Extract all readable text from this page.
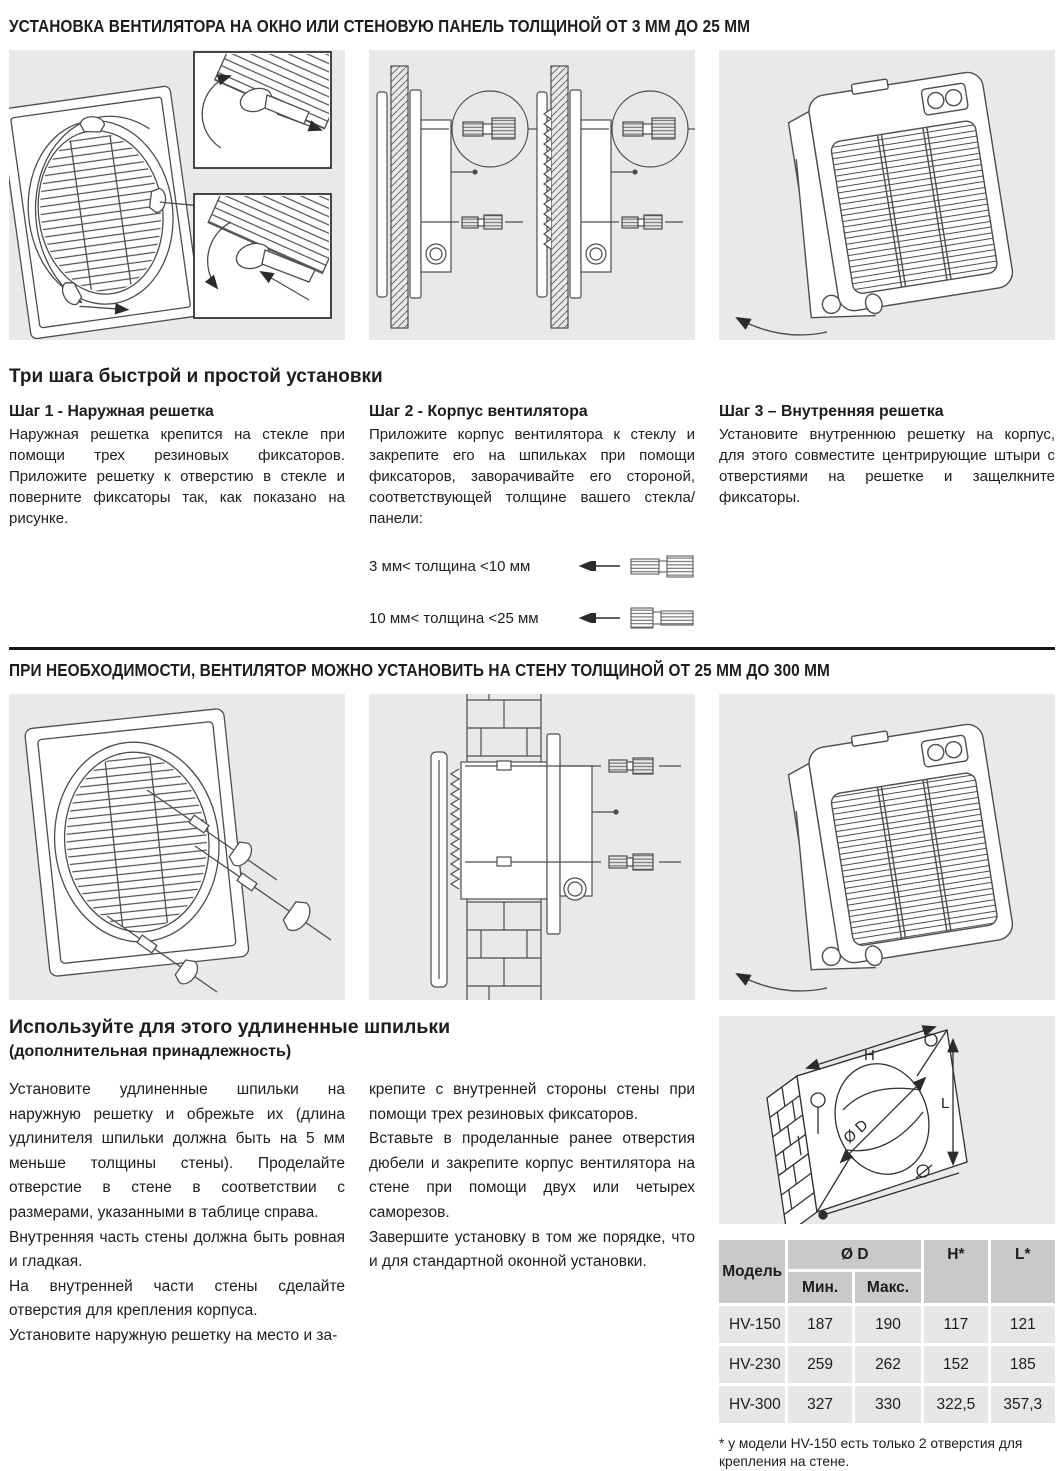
УСТАНОВКА ВЕНТИЛЯТОРА НА ОКНО ИЛИ СТЕНОВУЮ ПАНЕЛЬ ТОЛЩИНОЙ ОТ 3 ММ ДО 25 ММ
Три шага быстрой и простой установки
Шаг 1 - Наружная решетка

Наружная решетка крепится на стекле при помощи трех резиновых фиксаторов. Приложите решетку к отверстию в стекле и поверните фиксаторы так, как показано на рисунке.

Шаг 2 - Корпус вентилятора

Приложите корпус вентилятора к стеклу и закрепите его на шпильках при помощи фиксаторов, заворачивайте его стороной, соответствующей толщине вашего стекла/панели:

3 мм< толщина <10 мм
10 мм< толщина <25 мм
Шаг 3 – Внутренняя решетка

Установите внутреннюю решетку на корпус, для этого совместите центрирующие штыри с отверстиями на решетке и защелкните фиксаторы.

ПРИ НЕОБХОДИМОСТИ, ВЕНТИЛЯТОР МОЖНО УСТАНОВИТЬ НА СТЕНУ ТОЛЩИНОЙ ОТ 25 ММ ДО 300 ММ
Используйте для этого удлиненные шпильки
(дополнительная принадлежность)

Установите удлиненные шпильки на наружную решетку и обрежьте их (длина удлинителя шпильки должна быть на 5 мм меньше толщины стены). Проделайте отверстие в стене в соответствии с размерами, указанными в таблице справа.

Внутренняя часть стены должна быть ровная и гладкая.

На внутренней части стены сделайте отверстия для крепления корпуса.

Установите наружную решетку на место и за-

крепите с внутренней стороны стены при помощи трех резиновых фиксаторов.

Вставьте в проделанные ранее отверстия дюбели и закрепите корпус вентилятора на стене при помощи двух или четырех саморезов.

Завершите установку в том же порядке, что и для стандартной оконной установки.

H
L
Ø D
Модель	Ø D		H*	L*
	Мин.	Макс.		
HV-150	187	190	117	121
HV-230	259	262	152	185
HV-300	327	330	322,5	357,3
* у модели HV-150 есть только 2 отверстия для крепления на стене.
